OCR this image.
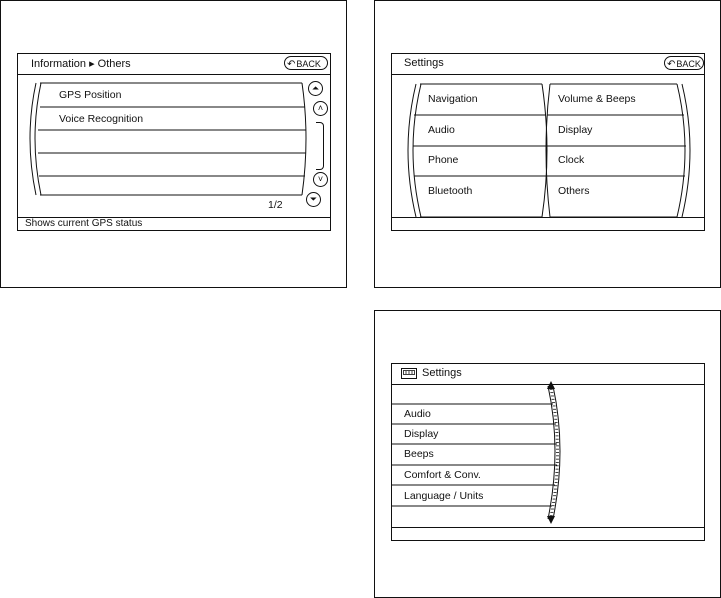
Information ▸ Others	↶BACK
GPS Position
Voice Recognition
1/2
⏶
˄
˅
⏷
Shows current GPS status
Settings	↶BACK
Navigation
Audio
Phone
Bluetooth
Volume & Beeps
Display
Clock
Others
Settings
Audio
Display
Beeps
Comfort & Conv.
Language / Units
